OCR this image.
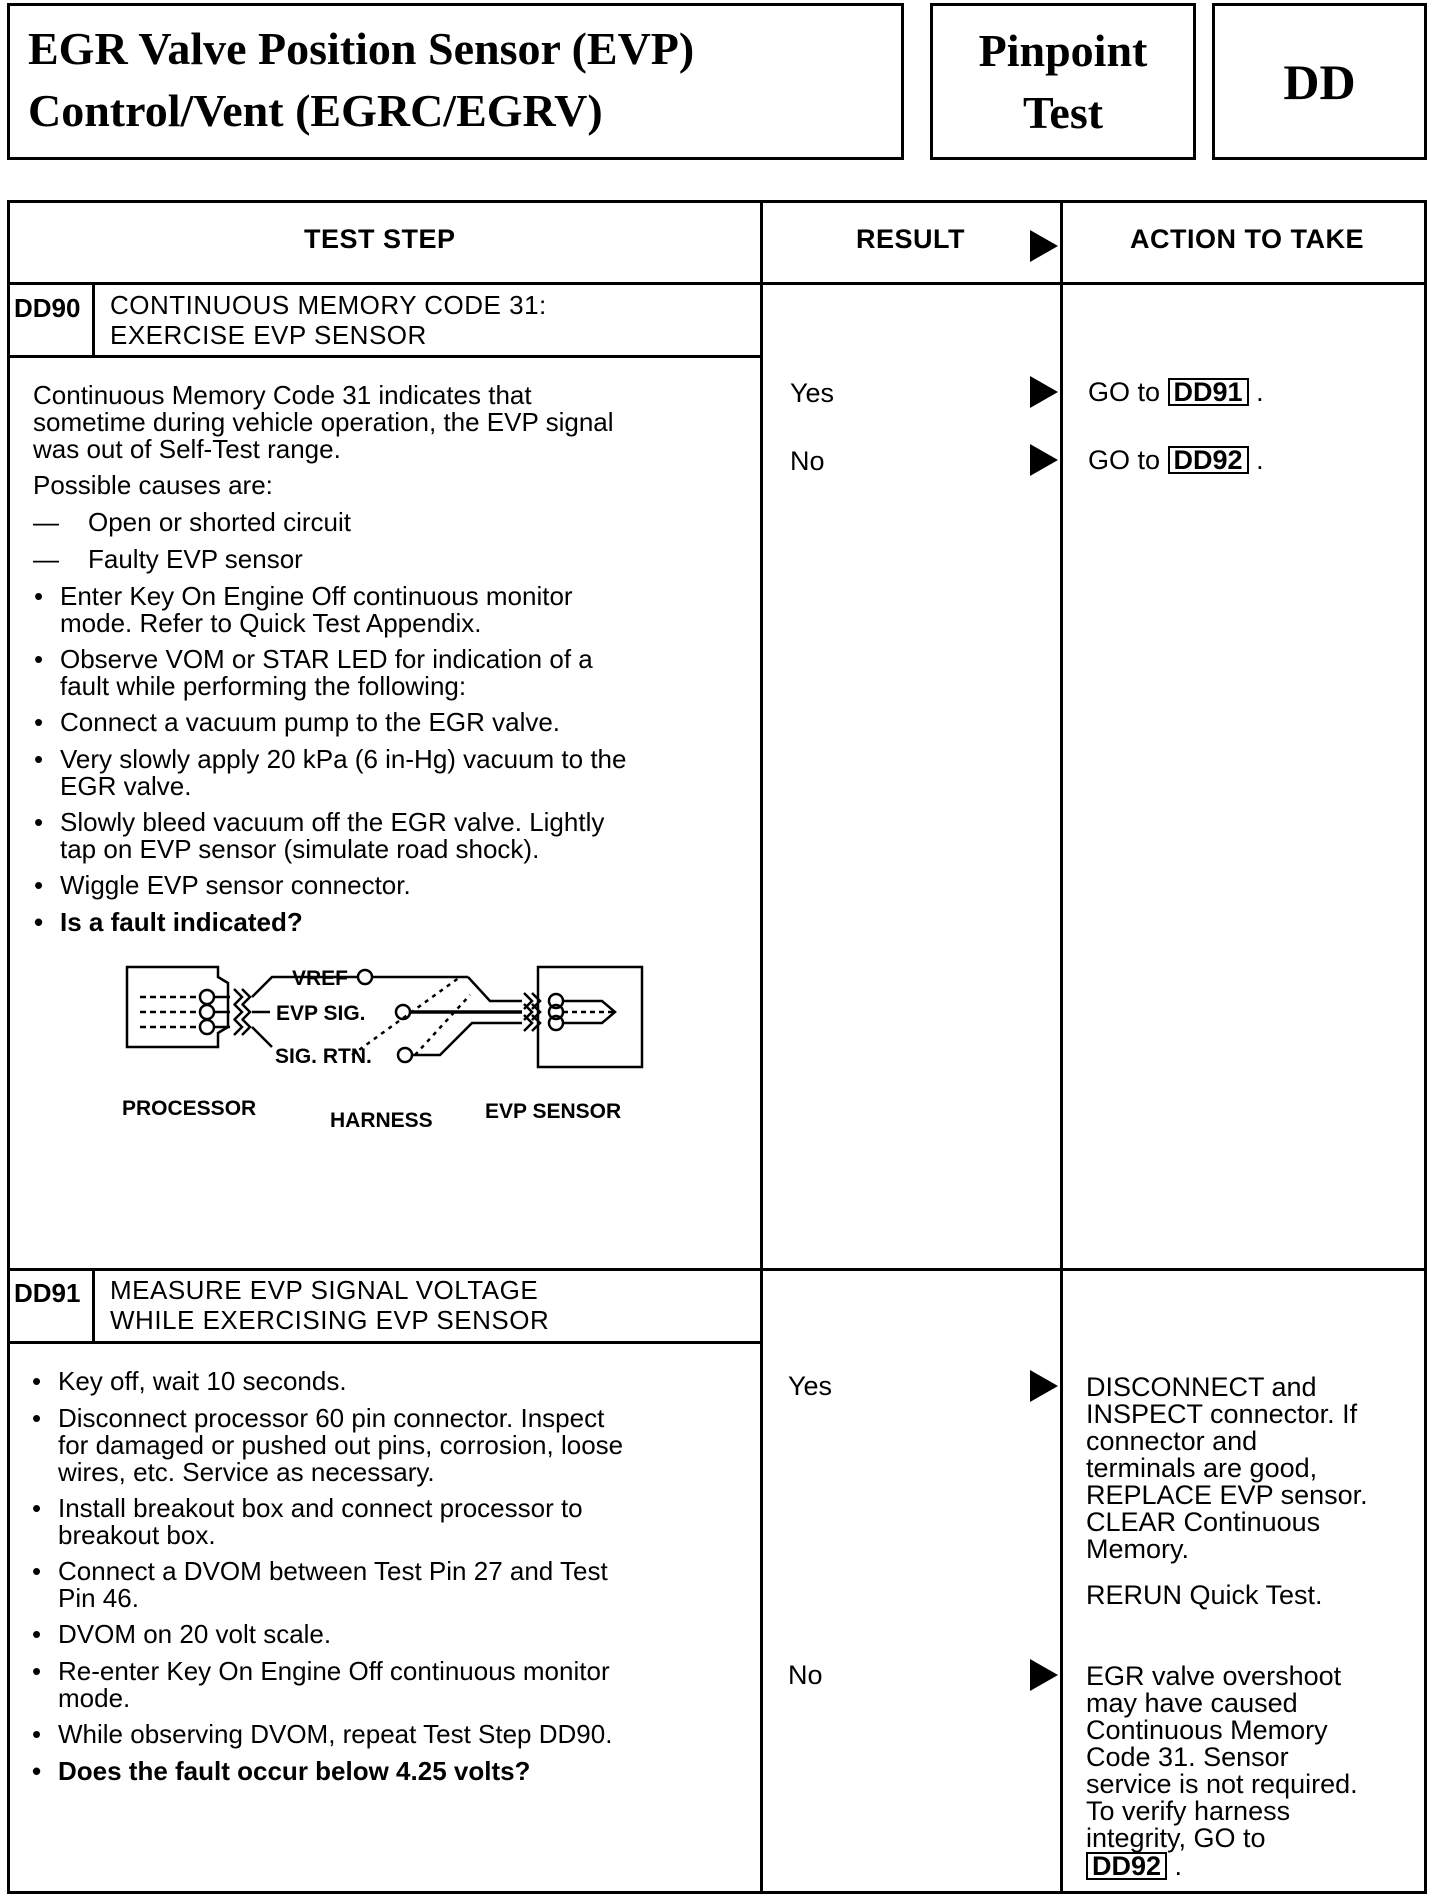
EGR Valve Position Sensor (EVP)
Control/Vent (EGRC/EGRV)
Pinpoint
Test
DD
TEST STEP	RESULT	ACTION TO TAKE
DD90 CONTINUOUS MEMORY CODE 31:
EXERCISE EVP SENSOR
Continuous Memory Code 31 indicates that
sometime during vehicle operation, the EVP signal
was out of Self-Test range.
Possible causes are:
— Open or shorted circuit
— Faulty EVP sensor
• Enter Key On Engine Off continuous monitor
mode. Refer to Quick Test Appendix.
• Observe VOM or STAR LED for indication of a
fault while performing the following:
• Connect a vacuum pump to the EGR valve.
• Very slowly apply 20 kPa (6 in-Hg) vacuum to the
EGR valve.
• Slowly bleed vacuum off the EGR valve. Lightly
tap on EVP sensor (simulate road shock).
• Wiggle EVP sensor connector.
• Is a fault indicated?
VREF
EVP SIG.
SIG. RTN.
PROCESSOR
HARNESS EVP SENSOR
Yes
No
GO to DD91 .
GO to DD92 .
DD91 MEASURE EVP SIGNAL VOLTAGE
WHILE EXERCISING EVP SENSOR
• Key off, wait 10 seconds.
• Disconnect processor 60 pin connector. Inspect
for damaged or pushed out pins, corrosion, loose
wires, etc. Service as necessary.
• Install breakout box and connect processor to
breakout box.
• Connect a DVOM between Test Pin 27 and Test
Pin 46.
• DVOM on 20 volt scale.
• Re-enter Key On Engine Off continuous monitor
mode.
• While observing DVOM, repeat Test Step DD90.
• Does the fault occur below 4.25 volts?
Yes
No
DISCONNECT and
INSPECT connector. If
connector and
terminals are good,
REPLACE EVP sensor.
CLEAR Continuous
Memory.
RERUN Quick Test.
EGR valve overshoot
may have caused
Continuous Memory
Code 31. Sensor
service is not required.
To verify harness
integrity, GO to
DD92 .
